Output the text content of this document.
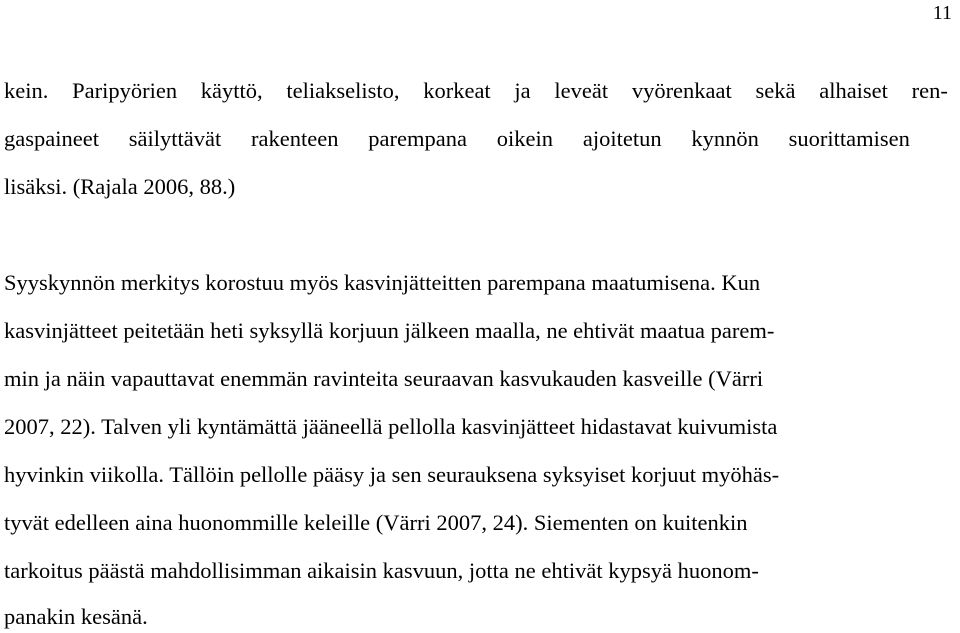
11
kein. Paripyörien käyttö, teliakselisto, korkeat ja leveät vyörenkaat sekä alhaiset ren-
gaspaineet säilyttävät rakenteen parempana oikein ajoitetun kynnön suorittamisen
lisäksi. (Rajala 2006, 88.)
Syyskynnön merkitys korostuu myös kasvinjätteitten parempana maatumisena. Kun
kasvinjätteet peitetään heti syksyllä korjuun jälkeen maalla, ne ehtivät maatua parem-
min ja näin vapauttavat enemmän ravinteita seuraavan kasvukauden kasveille (Värri
2007, 22). Talven yli kyntämättä jääneellä pellolla kasvinjätteet hidastavat kuivumista
hyvinkin viikolla. Tällöin pellolle pääsy ja sen seurauksena syksyiset korjuut myöhäs-
tyvät edelleen aina huonommille keleille (Värri 2007, 24). Siementen on kuitenkin
tarkoitus päästä mahdollisimman aikaisin kasvuun, jotta ne ehtivät kypsyä huonom-
panakin kesänä.
